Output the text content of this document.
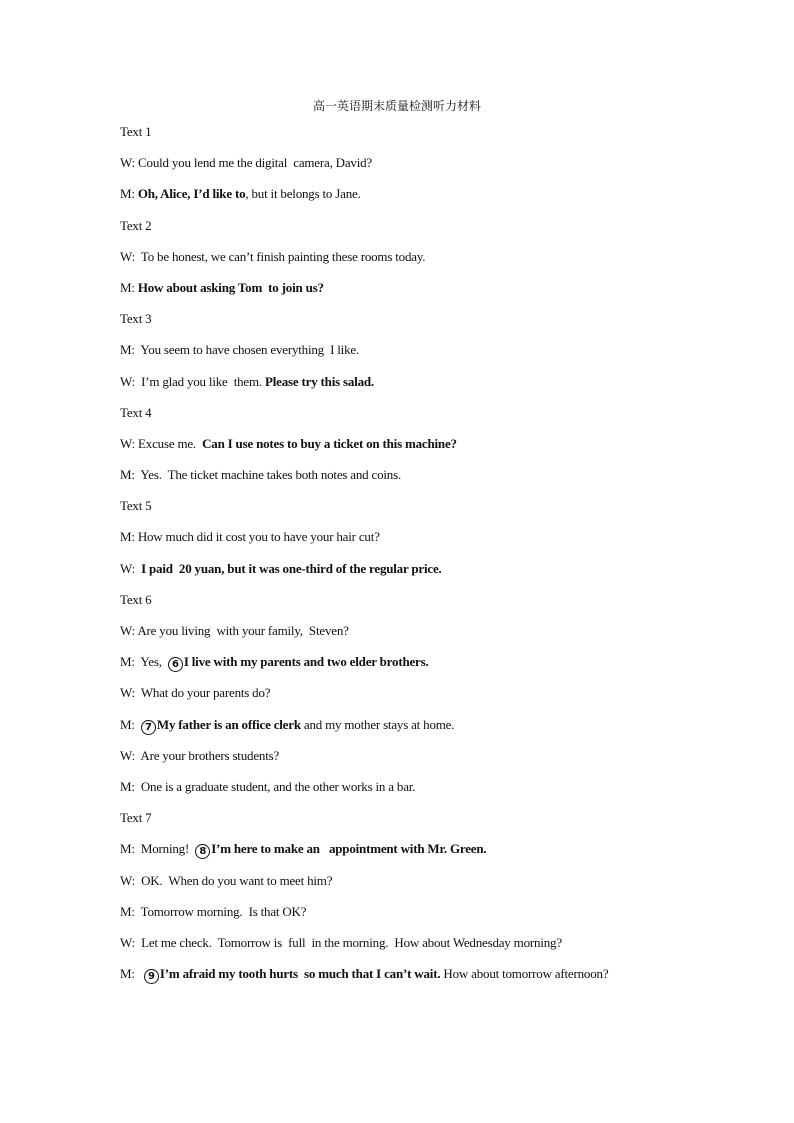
高一英语期末质量检测听力材料
Text 1
W: Could you lend me the digital  camera, David?
M: Oh, Alice, I’d like to, but it belongs to Jane.
Text 2
W:  To be honest, we can’t finish painting these rooms today.
M: How about asking Tom  to join us?
Text 3
M:  You seem to have chosen everything  I like.
W:  I’m glad you like  them. Please try this salad.
Text 4
W: Excuse me.  Can I use notes to buy a ticket on this machine?
M:  Yes.  The ticket machine takes both notes and coins.
Text 5
M: How much did it cost you to have your hair cut?
W:  I paid  20 yuan, but it was one-third of the regular price.
Text 6
W: Are you living  with your family,  Steven?
M:  Yes,  6 I live with my parents and two elder brothers.
W:  What do your parents do?
M:  7 My father is an office clerk and my mother stays at home.
W:  Are your brothers students?
M:  One is a graduate student, and the other works in a bar.
Text 7
M:  Morning!  8 I’m here to make an   appointment with Mr. Green.
W:  OK.  When do you want to meet him?
M:  Tomorrow morning.  Is that OK?
W:  Let me check.  Tomorrow is  full  in the morning.  How about Wednesday morning?
M:   9 I’m afraid my tooth hurts  so much that I can’t wait. How about tomorrow afternoon?
